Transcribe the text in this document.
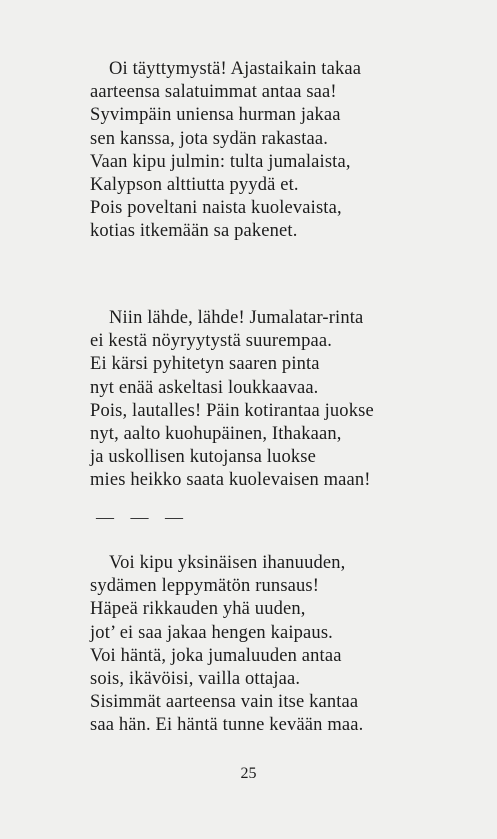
Oi täyttymystä! Ajastaikain takaa
aarteensa salatuimmat antaa saa!
Syvimpäin uniensa hurman jakaa
sen kanssa, jota sydän rakastaa.
Vaan kipu julmin: tulta jumalaista,
Kalypson alttiutta pyydä et.
Pois poveltani naista kuolevaista,
kotias itkemään sa pakenet.
Niin lähde, lähde! Jumalatar-rinta
ei kestä nöyryytystä suurempaa.
Ei kärsi pyhitetyn saaren pinta
nyt enää askeltasi loukkaavaa.
Pois, lautalles! Päin kotirantaa juokse
nyt, aalto kuohupäinen, Ithakaan,
ja uskollisen kutojansa luokse
mies heikko saata kuolevaisen maan!
— — —
Voi kipu yksinäisen ihanuuden,
sydämen leppymätön runsaus!
Häpeä rikkauden yhä uuden,
jot’ ei saa jakaa hengen kaipaus.
Voi häntä, joka jumaluuden antaa
sois, ikävöisi, vailla ottajaa.
Sisimmät aarteensa vain itse kantaa
saa hän. Ei häntä tunne kevään maa.
25
